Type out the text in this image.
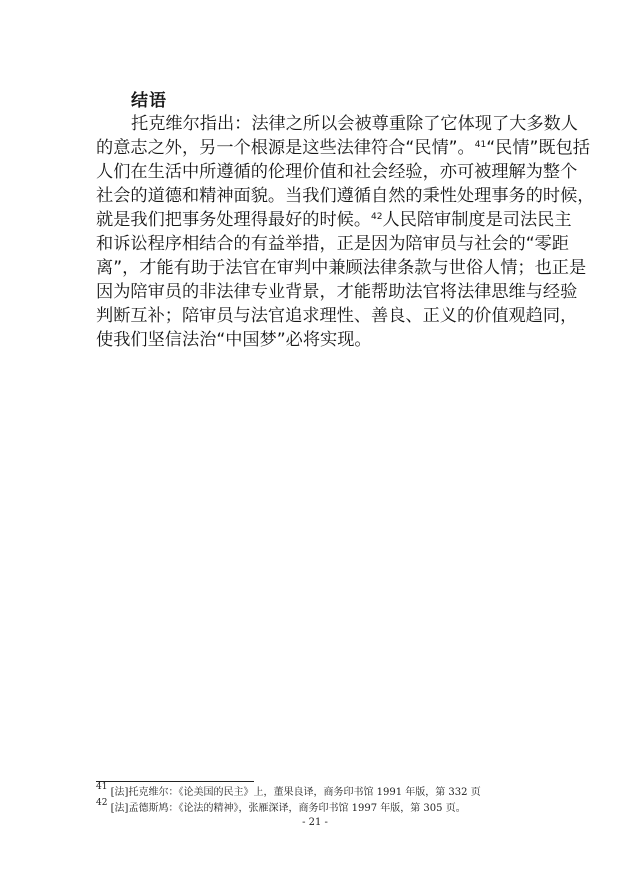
结语
托克维尔指出：法律之所以会被尊重除了它体现了大多数人
的意志之外，另一个根源是这些法律符合“民情”。$^{41}$“民情”既包括
人们在生活中所遵循的伦理价值和社会经验，亦可被理解为整个
社会的道德和精神面貌。当我们遵循自然的秉性处理事务的时候，
就是我们把事务处理得最好的时候。$^{42}$人民陪审制度是司法民主
和诉讼程序相结合的有益举措，正是因为陪审员与社会的“零距
离”，才能有助于法官在审判中兼顾法律条款与世俗人情；也正是
因为陪审员的非法律专业背景，才能帮助法官将法律思维与经验
判断互补；陪审员与法官追求理性、善良、正义的价值观趋同，
使我们坚信法治“中国梦”必将实现。
$^{41}$ [法]托克维尔：《论美国的民主》上，董果良译，商务印书馆 1991 年版，第 332 页
$^{42}$ [法]孟德斯鸠：《论法的精神》，张雁深译，商务印书馆 1997 年版，第 305 页。
- 21 -
